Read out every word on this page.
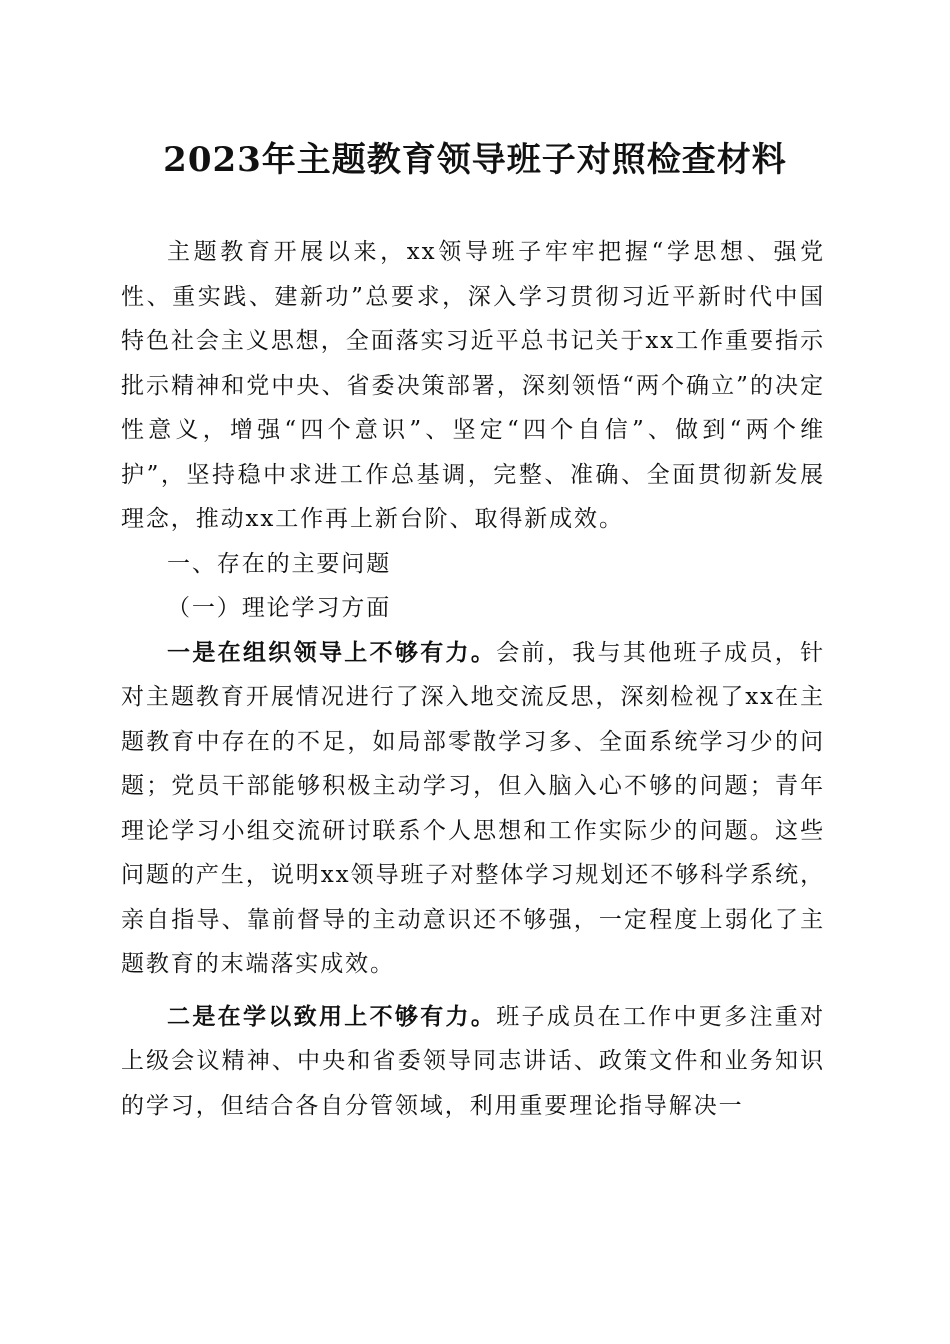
2023年主题教育领导班子对照检查材料

主题教育开展以来，xx领导班子牢牢把握“学思想、强党性、重实践、建新功”总要求，深入学习贯彻习近平新时代中国特色社会主义思想，全面落实习近平总书记关于xx工作重要指示批示精神和党中央、省委决策部署，深刻领悟“两个确立”的决定性意义，增强“四个意识”、坚定“四个自信”、做到“两个维护”，坚持稳中求进工作总基调，完整、准确、全面贯彻新发展理念，推动xx工作再上新台阶、取得新成效。

一、存在的主要问题

（一）理论学习方面

一是在组织领导上不够有力。会前，我与其他班子成员，针对主题教育开展情况进行了深入地交流反思，深刻检视了xx在主题教育中存在的不足，如局部零散学习多、全面系统学习少的问题；党员干部能够积极主动学习，但入脑入心不够的问题；青年理论学习小组交流研讨联系个人思想和工作实际少的问题。这些问题的产生，说明xx领导班子对整体学习规划还不够科学系统，亲自指导、靠前督导的主动意识还不够强，一定程度上弱化了主题教育的末端落实成效。

二是在学以致用上不够有力。班子成员在工作中更多注重对上级会议精神、中央和省委领导同志讲话、政策文件和业务知识的学习，但结合各自分管领域，利用重要理论指导解决一
